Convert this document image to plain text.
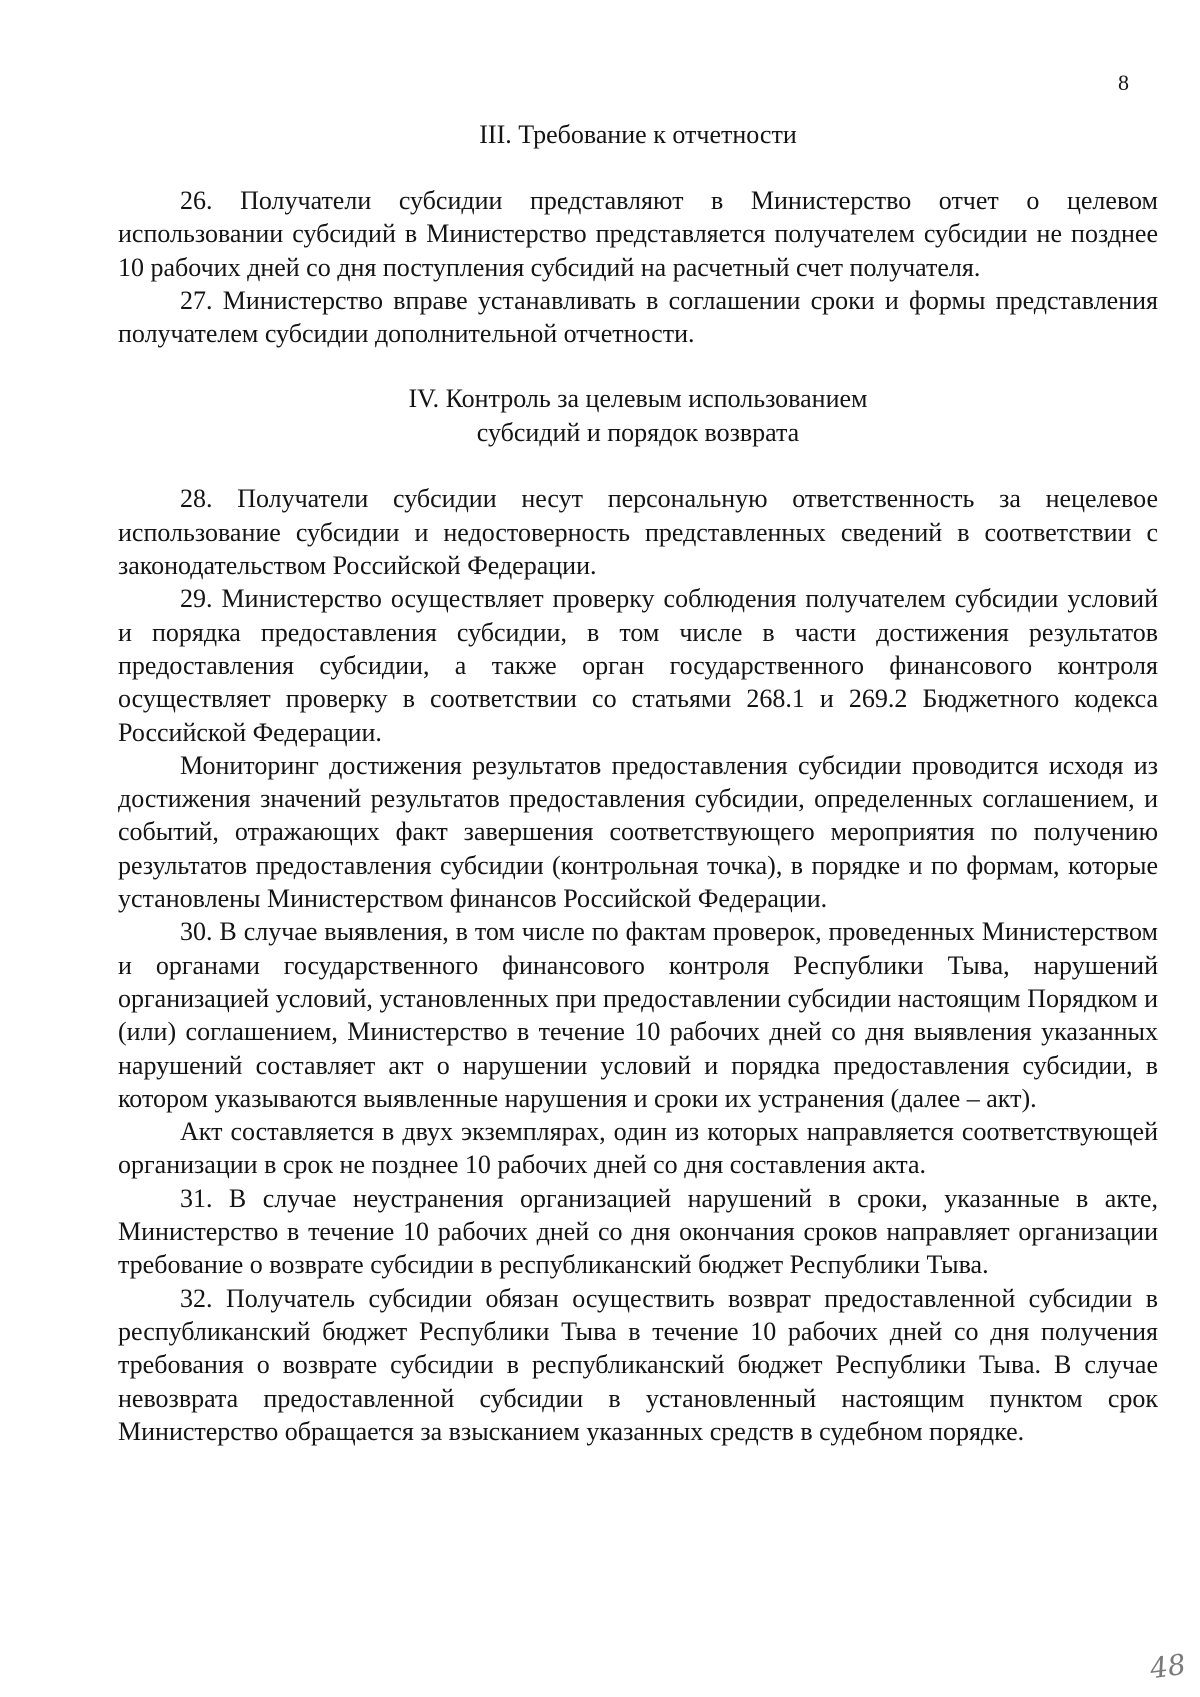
8
III. Требование к отчетности

26. Получатели субсидии представляют в Министерство отчет о целевом использовании субсидий в Министерство представляется получателем субсидии не позднее 10 рабочих дней со дня поступления субсидий на расчетный счет получателя.

27. Министерство вправе устанавливать в соглашении сроки и формы представления получателем субсидии дополнительной отчетности.

IV. Контроль за целевым использованием
субсидий и порядок возврата

28. Получатели субсидии несут персональную ответственность за нецелевое использование субсидии и недостоверность представленных сведений в соответствии с законодательством Российской Федерации.

29. Министерство осуществляет проверку соблюдения получателем субсидии условий и порядка предоставления субсидии, в том числе в части достижения результатов предоставления субсидии, а также орган государственного финансового контроля осуществляет проверку в соответствии со статьями 268.1 и 269.2 Бюджетного кодекса Российской Федерации.

Мониторинг достижения результатов предоставления субсидии проводится исходя из достижения значений результатов предоставления субсидии, определенных соглашением, и событий, отражающих факт завершения соответствующего мероприятия по получению результатов предоставления субсидии (контрольная точка), в порядке и по формам, которые установлены Министерством финансов Российской Федерации.

30. В случае выявления, в том числе по фактам проверок, проведенных Министерством и органами государственного финансового контроля Республики Тыва, нарушений организацией условий, установленных при предоставлении субсидии настоящим Порядком и (или) соглашением, Министерство в течение 10 рабочих дней со дня выявления указанных нарушений составляет акт о нарушении условий и порядка предоставления субсидии, в котором указываются выявленные нарушения и сроки их устранения (далее – акт).

Акт составляется в двух экземплярах, один из которых направляется соответствующей организации в срок не позднее 10 рабочих дней со дня составления акта.

31. В случае неустранения организацией нарушений в сроки, указанные в акте, Министерство в течение 10 рабочих дней со дня окончания сроков направляет организации требование о возврате субсидии в республиканский бюджет Республики Тыва.

32. Получатель субсидии обязан осуществить возврат предоставленной субсидии в республиканский бюджет Республики Тыва в течение 10 рабочих дней со дня получения требования о возврате субсидии в республиканский бюджет Республики Тыва. В случае невозврата предоставленной субсидии в установленный настоящим пунктом срок Министерство обращается за взысканием указанных средств в судебном порядке.

48
